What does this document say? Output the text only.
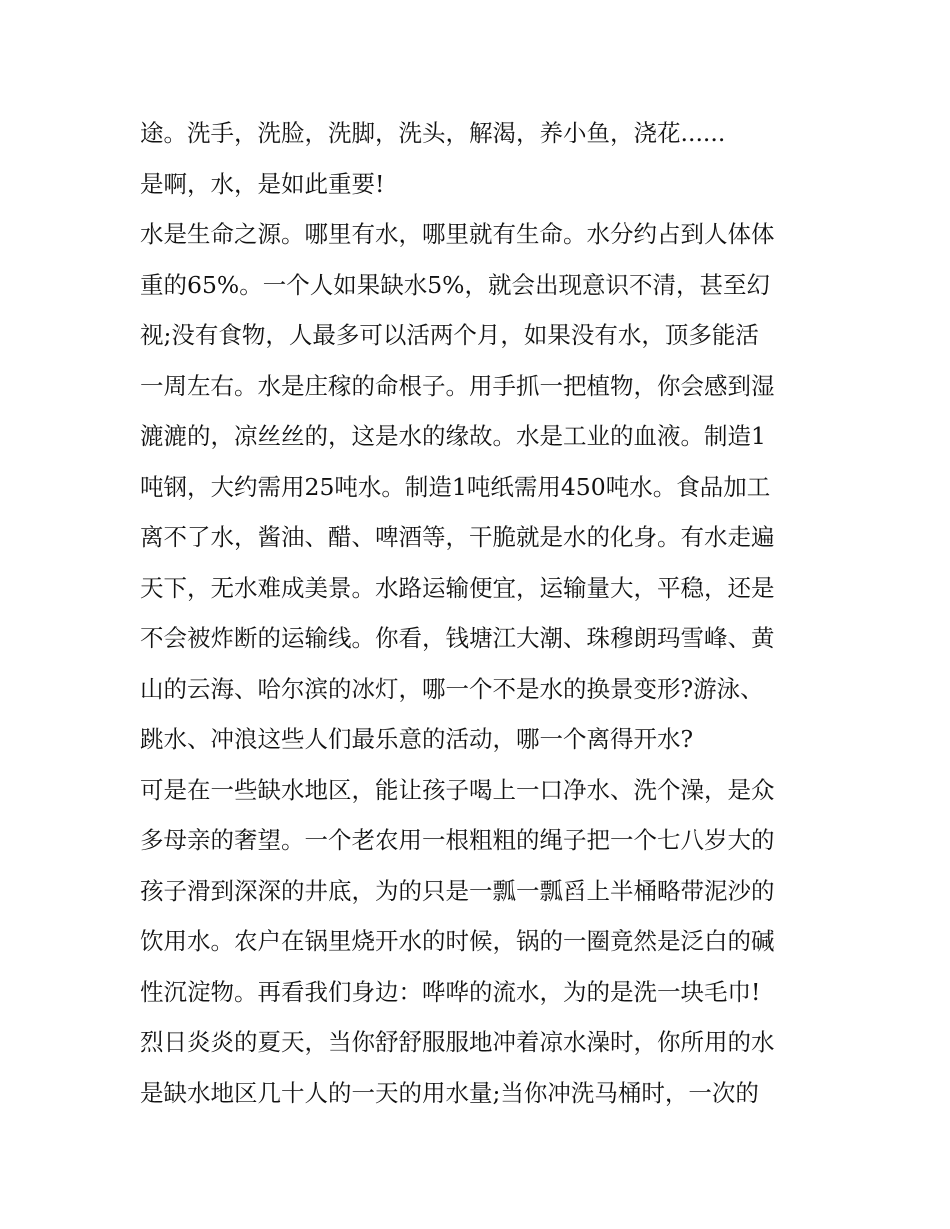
途。洗手，洗脸，洗脚，洗头，解渴，养小鱼，浇花......
是啊，水，是如此重要!
水是生命之源。哪里有水，哪里就有生命。水分约占到人体体
重的65%。一个人如果缺水5%，就会出现意识不清，甚至幻
视;没有食物，人最多可以活两个月，如果没有水，顶多能活
一周左右。水是庄稼的命根子。用手抓一把植物，你会感到湿
漉漉的，凉丝丝的，这是水的缘故。水是工业的血液。制造1
吨钢，大约需用25吨水。制造1吨纸需用450吨水。食品加工
离不了水，酱油、醋、啤酒等，干脆就是水的化身。有水走遍
天下，无水难成美景。水路运输便宜，运输量大，平稳，还是
不会被炸断的运输线。你看，钱塘江大潮、珠穆朗玛雪峰、黄
山的云海、哈尔滨的冰灯，哪一个不是水的换景变形?游泳、
跳水、冲浪这些人们最乐意的活动，哪一个离得开水?
可是在一些缺水地区，能让孩子喝上一口净水、洗个澡，是众
多母亲的奢望。一个老农用一根粗粗的绳子把一个七八岁大的
孩子滑到深深的井底，为的只是一瓢一瓢舀上半桶略带泥沙的
饮用水。农户在锅里烧开水的时候，锅的一圈竟然是泛白的碱
性沉淀物。再看我们身边：哗哗的流水，为的是洗一块毛巾!
烈日炎炎的夏天，当你舒舒服服地冲着凉水澡时，你所用的水
是缺水地区几十人的一天的用水量;当你冲洗马桶时，一次的
